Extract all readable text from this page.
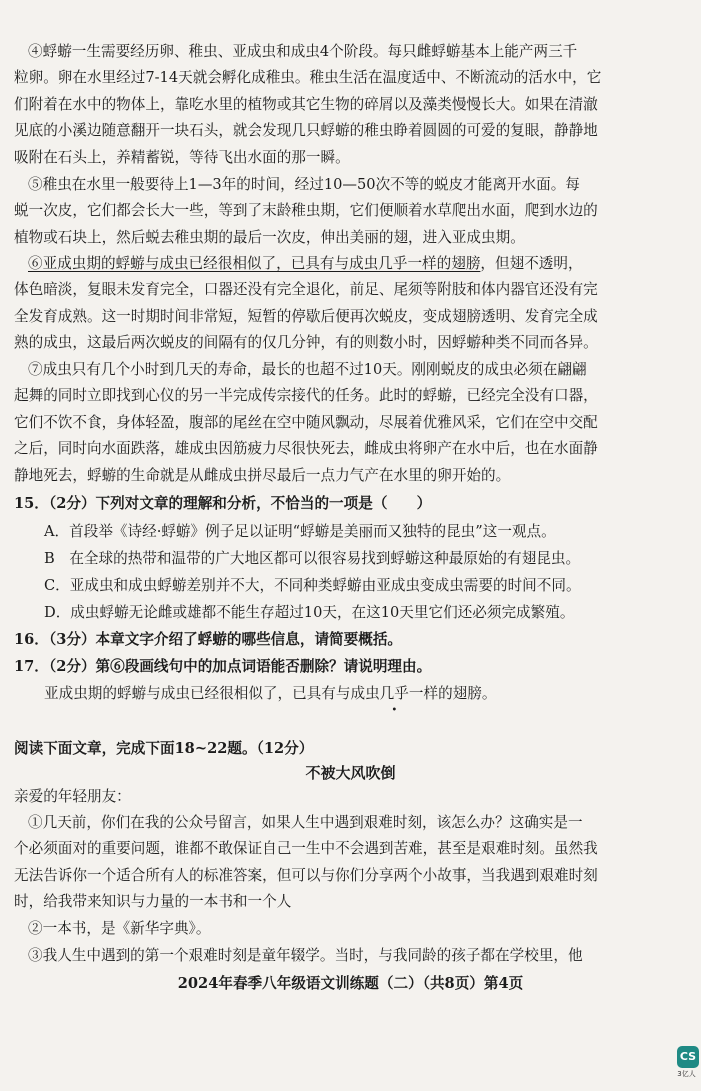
④蜉蝣一生需要经历卵、稚虫、亚成虫和成虫4个阶段。每只雌蜉蝣基本上能产两三千
粒卵。卵在水里经过7-14天就会孵化成稚虫。稚虫生活在温度适中、不断流动的活水中，它
们附着在水中的物体上，靠吃水里的植物或其它生物的碎屑以及藻类慢慢长大。如果在清澈
见底的小溪边随意翻开一块石头，就会发现几只蜉蝣的稚虫睁着圆圆的可爱的复眼，静静地
吸附在石头上，养精蓄锐，等待飞出水面的那一瞬。
⑤稚虫在水里一般要待上1—3年的时间，经过10—50次不等的蜕皮才能离开水面。每
蜕一次皮，它们都会长大一些，等到了末龄稚虫期，它们便顺着水草爬出水面，爬到水边的
植物或石块上，然后蜕去稚虫期的最后一次皮，伸出美丽的翅，进入亚成虫期。
⑥亚成虫期的蜉蝣与成虫已经很相似了，已具有与成虫几乎一样的翅膀，但翅不透明，
体色暗淡，复眼未发育完全，口器还没有完全退化，前足、尾须等附肢和体内器官还没有完
全发育成熟。这一时期时间非常短，短暂的停歇后便再次蜕皮，变成翅膀透明、发育完全成
熟的成虫，这最后两次蜕皮的间隔有的仅几分钟，有的则数小时，因蜉蝣种类不同而各异。
⑦成虫只有几个小时到几天的寿命，最长的也超不过10天。刚刚蜕皮的成虫必须在翩翩
起舞的同时立即找到心仪的另一半完成传宗接代的任务。此时的蜉蝣，已经完全没有口器，
它们不饮不食，身体轻盈，腹部的尾丝在空中随风飘动，尽展着优雅风采，它们在空中交配
之后，同时向水面跌落，雄成虫因筋疲力尽很快死去，雌成虫将卵产在水中后，也在水面静
静地死去，蜉蝣的生命就是从雌成虫拼尽最后一点力气产在水里的卵开始的。
15．（2分）下列对文章的理解和分析，不恰当的一项是（　　）
A．首段举《诗经·蜉蝣》例子足以证明“蜉蝣是美丽而又独特的昆虫”这一观点。
B　在全球的热带和温带的广大地区都可以很容易找到蜉蝣这种最原始的有翅昆虫。
C．亚成虫和成虫蜉蝣差别并不大，不同种类蜉蝣由亚成虫变成虫需要的时间不同。
D．成虫蜉蝣无论雌或雄都不能生存超过10天，在这10天里它们还必须完成繁殖。
16．（3分）本章文字介绍了蜉蝣的哪些信息，请简要概括。
17．（2分）第⑥段画线句中的加点词语能否删除？请说明理由。
亚成虫期的蜉蝣与成虫已经很相似了，已具有与成虫几乎一样的翅膀。
阅读下面文章，完成下面18~22题。（12分）
不被大风吹倒
亲爱的年轻朋友：
①几天前，你们在我的公众号留言，如果人生中遇到艰难时刻，该怎么办？这确实是一
个必须面对的重要问题，谁都不敢保证自己一生中不会遇到苦难，甚至是艰难时刻。虽然我
无法告诉你一个适合所有人的标准答案，但可以与你们分享两个小故事，当我遇到艰难时刻
时，给我带来知识与力量的一本书和一个人
②一本书，是《新华字典》。
③我人生中遇到的第一个艰难时刻是童年辍学。当时，与我同龄的孩子都在学校里，他
2024年春季八年级语文训练题（二）（共8页）第4页
CS
3亿人
